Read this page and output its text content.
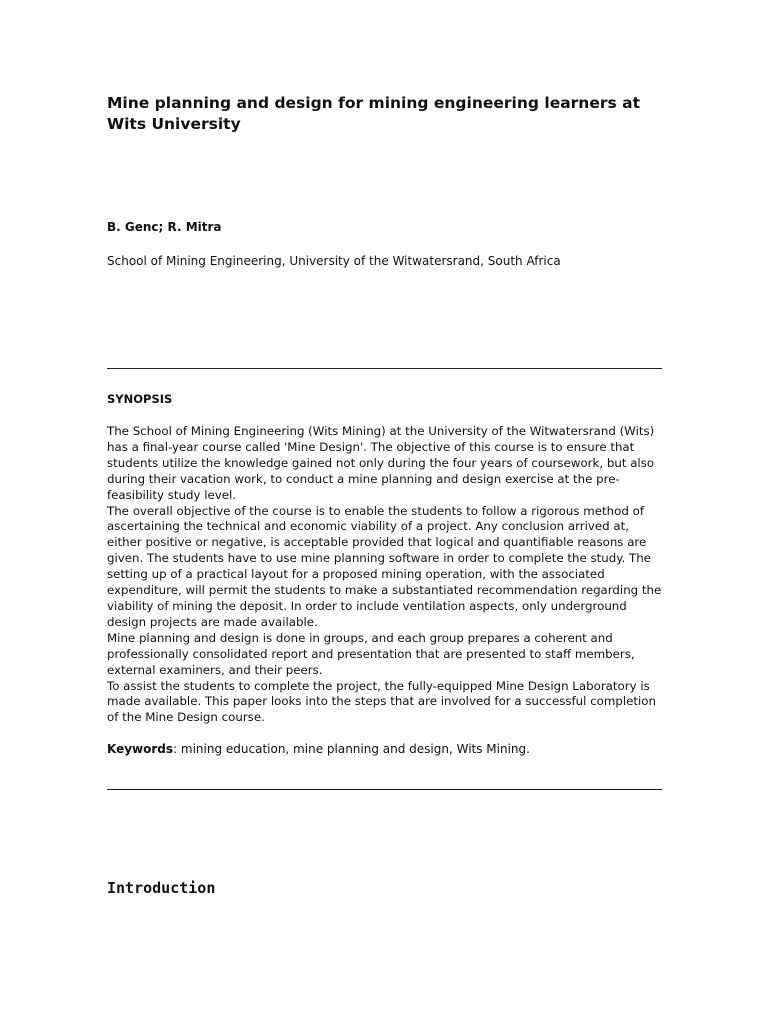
Mine planning and design for mining engineering learners at Wits University

B. Genc; R. Mitra

School of Mining Engineering, University of the Witwatersrand, South Africa

SYNOPSIS

The School of Mining Engineering (Wits Mining) at the University of the Witwatersrand (Wits) has a final-year course called 'Mine Design'. The objective of this course is to ensure that students utilize the knowledge gained not only during the four years of coursework, but also during their vacation work, to conduct a mine planning and design exercise at the pre-feasibility study level.

The overall objective of the course is to enable the students to follow a rigorous method of ascertaining the technical and economic viability of a project. Any conclusion arrived at, either positive or negative, is acceptable provided that logical and quantifiable reasons are given. The students have to use mine planning software in order to complete the study. The setting up of a practical layout for a proposed mining operation, with the associated expenditure, will permit the students to make a substantiated recommendation regarding the viability of mining the deposit. In order to include ventilation aspects, only underground design projects are made available.

Mine planning and design is done in groups, and each group prepares a coherent and professionally consolidated report and presentation that are presented to staff members, external examiners, and their peers.

To assist the students to complete the project, the fully-equipped Mine Design Laboratory is made available. This paper looks into the steps that are involved for a successful completion of the Mine Design course.

Keywords: mining education, mine planning and design, Wits Mining.

Introduction
